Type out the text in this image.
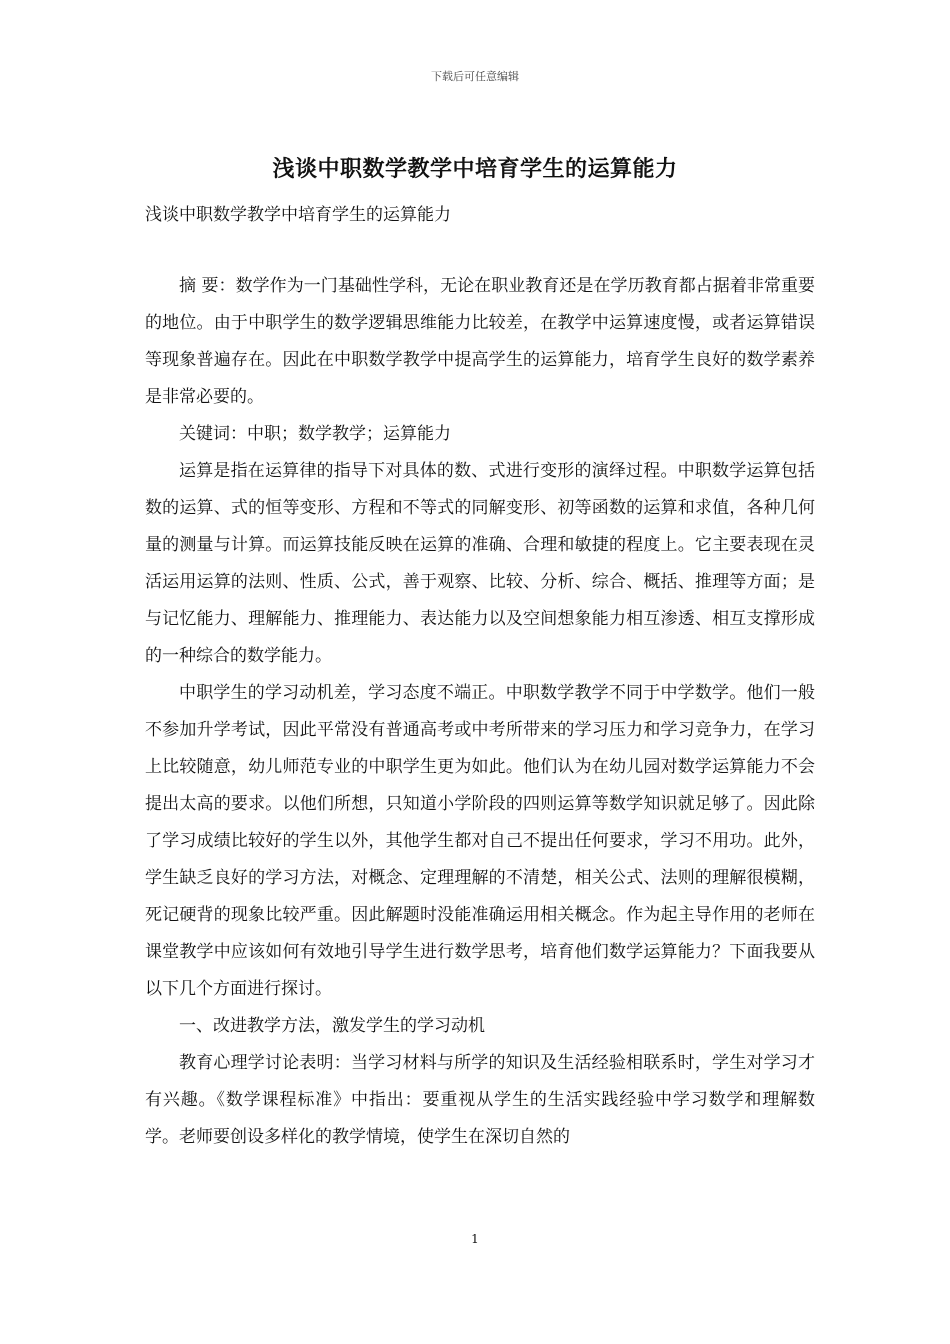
下载后可任意编辑
浅谈中职数学教学中培育学生的运算能力
浅谈中职数学教学中培育学生的运算能力

摘 要：数学作为一门基础性学科，无论在职业教育还是在学历教育都占据着非常重要的地位。由于中职学生的数学逻辑思维能力比较差，在教学中运算速度慢，或者运算错误等现象普遍存在。因此在中职数学教学中提高学生的运算能力，培育学生良好的数学素养是非常必要的。

关键词：中职；数学教学；运算能力

运算是指在运算律的指导下对具体的数、式进行变形的演绎过程。中职数学运算包括数的运算、式的恒等变形、方程和不等式的同解变形、初等函数的运算和求值，各种几何量的测量与计算。而运算技能反映在运算的准确、合理和敏捷的程度上。它主要表现在灵活运用运算的法则、性质、公式，善于观察、比较、分析、综合、概括、推理等方面；是与记忆能力、理解能力、推理能力、表达能力以及空间想象能力相互渗透、相互支撑形成的一种综合的数学能力。

中职学生的学习动机差，学习态度不端正。中职数学教学不同于中学数学。他们一般不参加升学考试，因此平常没有普通高考或中考所带来的学习压力和学习竞争力，在学习上比较随意，幼儿师范专业的中职学生更为如此。他们认为在幼儿园对数学运算能力不会提出太高的要求。以他们所想，只知道小学阶段的四则运算等数学知识就足够了。因此除了学习成绩比较好的学生以外，其他学生都对自己不提出任何要求，学习不用功。此外，学生缺乏良好的学习方法，对概念、定理理解的不清楚，相关公式、法则的理解很模糊，死记硬背的现象比较严重。因此解题时没能准确运用相关概念。作为起主导作用的老师在课堂教学中应该如何有效地引导学生进行数学思考，培育他们数学运算能力？下面我要从以下几个方面进行探讨。

一、改进教学方法，激发学生的学习动机

教育心理学讨论表明：当学习材料与所学的知识及生活经验相联系时，学生对学习才有兴趣。《数学课程标准》中指出：要重视从学生的生活实践经验中学习数学和理解数学。老师要创设多样化的教学情境，使学生在深切自然的

1
